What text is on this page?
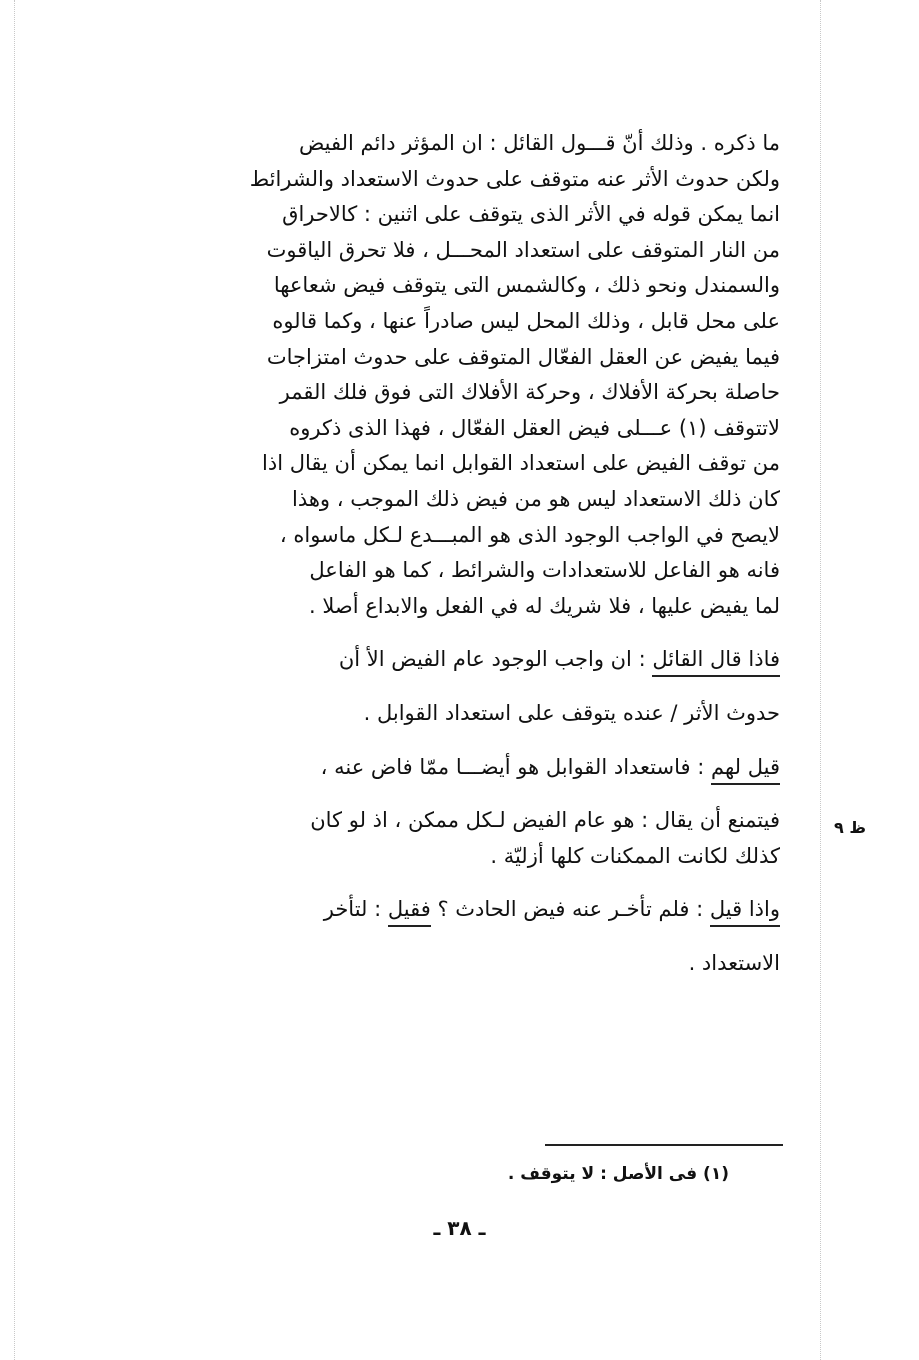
ما ذكره . وذلك أنّ قـــول القائل : ان المؤثر دائم الفيض
ولكن حدوث الأثر عنه متوقف على حدوث الاستعداد والشرائط
انما يمكن قوله في الأثر الذى يتوقف على اثنين : كالاحراق
من النار المتوقف على استعداد المحـــل ، فلا تحرق الياقوت
والسمندل ونحو ذلك ، وكالشمس التى يتوقف فيض شعاعها
على محل قابل ، وذلك المحل ليس صادراً عنها ، وكما قالوه
فيما يفيض عن العقل الفعّال المتوقف على حدوث امتزاجات
حاصلة بحركة الأفلاك ، وحركة الأفلاك التى فوق فلك القمر
لاتتوقف (١) عـــلى فيض العقل الفعّال ، فهذا الذى ذكروه
من توقف الفيض على استعداد القوابل انما يمكن أن يقال اذا
كان ذلك الاستعداد ليس هو من فيض ذلك الموجب ، وهذا
لايصح في الواجب الوجود الذى هو المبـــدع لـكل ماسواه ،
فانه هو الفاعل للاستعدادات والشرائط ، كما هو الفاعل
لما يفيض عليها ، فلا شريك له في الفعل والابداع أصلا .
فاذا قال القائل : ان واجب الوجود عام الفيض الأ أن
حدوث الأثر / عنده يتوقف على استعداد القوابل .
قيل لهم : فاستعداد القوابل هو أيضـــا ممّا فاض عنه ،
فيتمنع أن يقال : هو عام الفيض لـكل ممكن ، اذ لو كان
كذلك لكانت الممكنات كلها أزليّة .
واذا قيل : فلم تأخـر عنه فيض الحادث ؟ فقيل : لتأخر
الاستعداد .
ظ ٩
(١) فى الأصل : لا يتوقف .
ـ ٣٨ ـ
